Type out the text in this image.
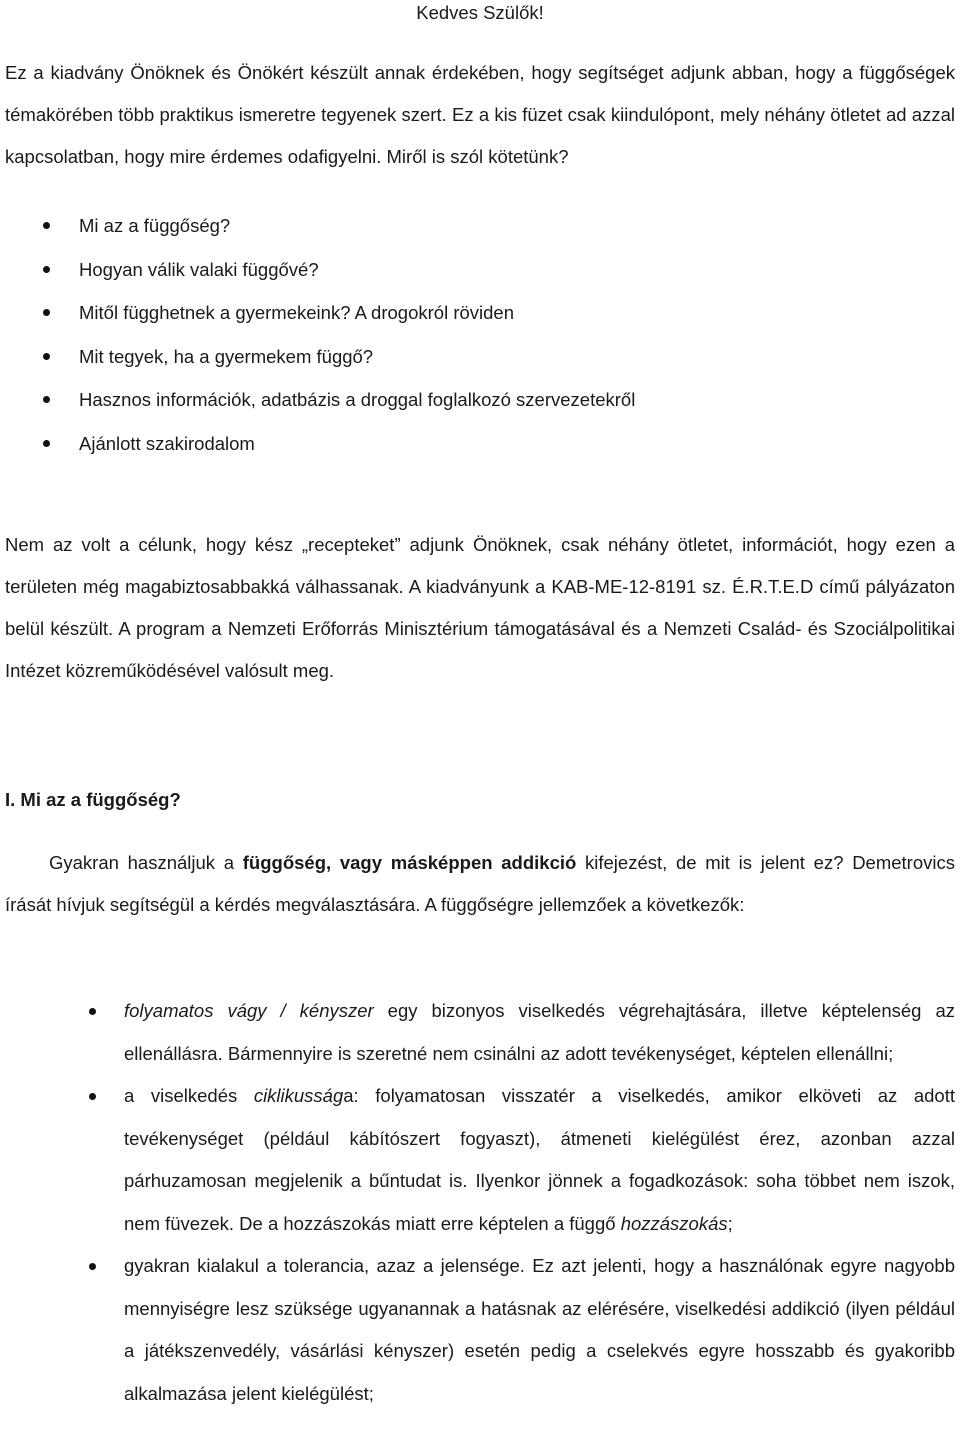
Kedves Szülők!

Ez a kiadvány Önöknek és Önökért készült annak érdekében, hogy segítséget adjunk abban, hogy a függőségek témakörében több praktikus ismeretre tegyenek szert. Ez a kis füzet csak kiindulópont, mely néhány ötletet ad azzal kapcsolatban, hogy mire érdemes odafigyelni. Miről is szól kötetünk?

Mi az a függőség?
Hogyan válik valaki függővé?
Mitől függhetnek a gyermekeink? A drogokról röviden
Mit tegyek, ha a gyermekem függő?
Hasznos információk, adatbázis a droggal foglalkozó szervezetekről
Ajánlott szakirodalom

Nem az volt a célunk, hogy kész „recepteket” adjunk Önöknek, csak néhány ötletet, információt, hogy ezen a területen még magabiztosabbakká válhassanak. A kiadványunk a KAB-ME-12-8191 sz. É.R.T.E.D című pályázaton belül készült. A program a Nemzeti Erőforrás Minisztérium támogatásával és a Nemzeti Család- és Szociálpolitikai Intézet közreműködésével valósult meg.

I. Mi az a függőség?

Gyakran használjuk a függőség, vagy másképpen addikció kifejezést, de mit is jelent ez? Demetrovics írását hívjuk segítségül a kérdés megválasztására. A függőségre jellemzőek a következők:

folyamatos vágy / kényszer egy bizonyos viselkedés végrehajtására, illetve képtelenség az ellenállásra. Bármennyire is szeretné nem csinálni az adott tevékenységet, képtelen ellenállni;
a viselkedés ciklikussága: folyamatosan visszatér a viselkedés, amikor elköveti az adott tevékenységet (például kábítószert fogyaszt), átmeneti kielégülést érez, azonban azzal párhuzamosan megjelenik a bűntudat is. Ilyenkor jönnek a fogadkozások: soha többet nem iszok, nem füvezek. De a hozzászokás miatt erre képtelen a függő hozzászokás;
gyakran kialakul a tolerancia, azaz a jelensége. Ez azt jelenti, hogy a használónak egyre nagyobb mennyiségre lesz szüksége ugyanannak a hatásnak az elérésére, viselkedési addikció (ilyen például a játékszenvedély, vásárlási kényszer) esetén pedig a cselekvés egyre hosszabb és gyakoribb alkalmazása jelent kielégülést;
